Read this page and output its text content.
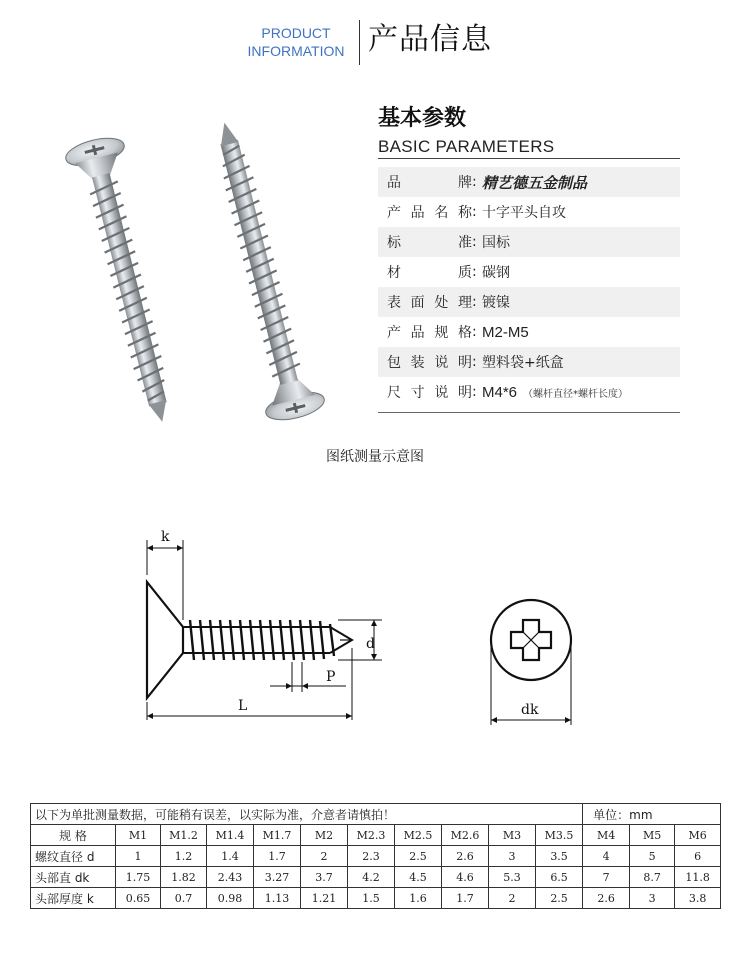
PRODUCT
INFORMATION 产品信息
基本参数
BASIC PARAMETERS
品牌 : 精艺德五金制品
产品名称 : 十字平头自攻
标准 : 国标
材质 : 碳钢
表面处理 : 镀镍
产品规格 : M2-M5
包装说明 : 塑料袋+纸盒
尺寸说明 : M4*6 （螺杆直径*螺杆长度）
图纸测量示意图
k
d
P
L	dk
以下为单批测量数据，可能稍有误差，以实际为准，介意者请慎拍！											单位：mm		
规 格	M1	M1.2	M1.4	M1.7	M2	M2.3	M2.5	M2.6	M3	M3.5	M4	M5	M6
螺纹直径 d	1	1.2	1.4	1.7	2	2.3	2.5	2.6	3	3.5	4	5	6
头部直 dk	1.75	1.82	2.43	3.27	3.7	4.2	4.5	4.6	5.3	6.5	7	8.7	11.8
头部厚度 k	0.65	0.7	0.98	1.13	1.21	1.5	1.6	1.7	2	2.5	2.6	3	3.8
